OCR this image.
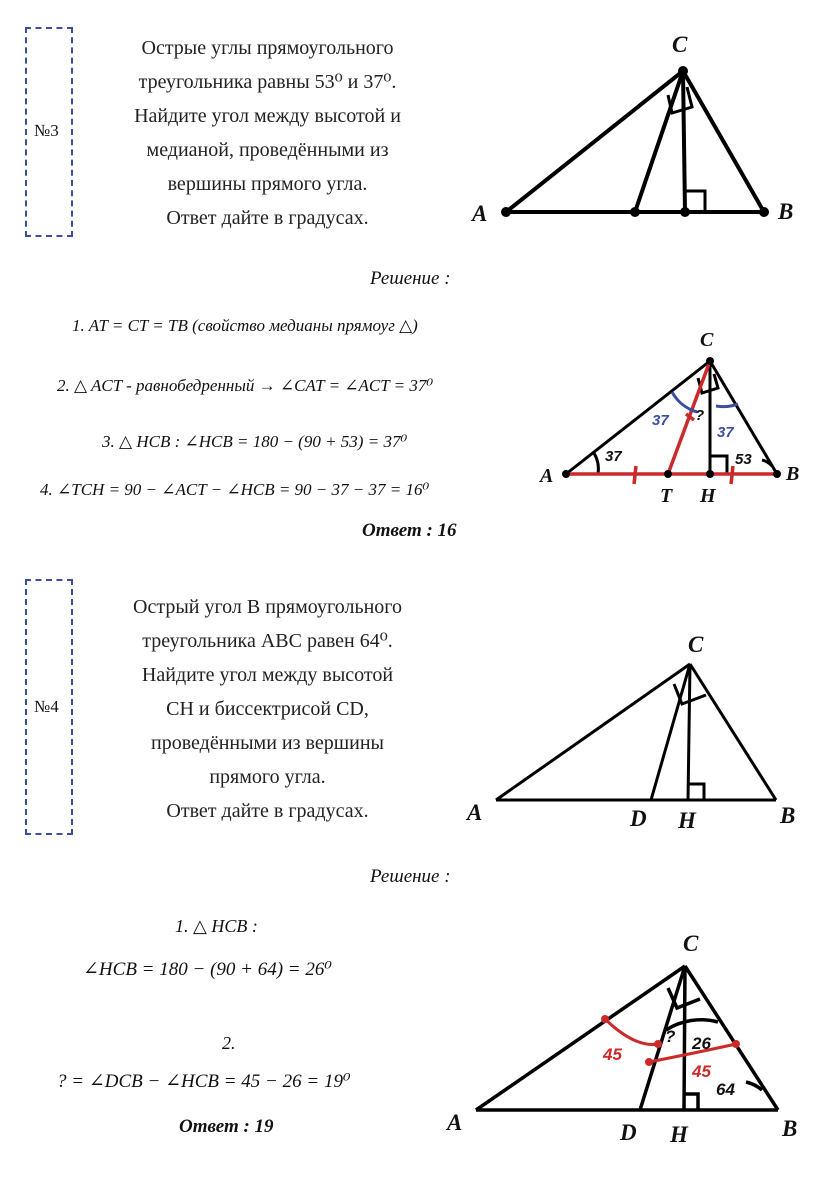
№3

Острые углы прямоугольного

треугольника равны 53⁰ и 37⁰.

Найдите угол между высотой и

медианой, проведёнными из

вершины прямого угла.

Ответ дайте в градусах.	A	B
C
Решение :
1. AT = CT = TB (свойство медианы прямоуг △)
2. △ ACT - равнобедренный → ∠CAT = ∠ACT = 37⁰
3. △ HCB : ∠HCB = 180 − (90 + 53) = 37⁰
4. ∠TCH = 90 − ∠ACT − ∠HCB = 90 − 37 − 37 = 16⁰
A	B
C
T H
37	53
37
37
?
Ответ : 16
№4

Острый угол B прямоугольного

треугольника ABC равен 64⁰.

Найдите угол между высотой

CH и биссектрисой CD,

проведёнными из вершины

прямого угла.

Ответ дайте в градусах.	A	B
C
D H
Решение :
1. △ HCB :
∠HCB = 180 − (90 + 64) = 26⁰
2.
? = ∠DCB − ∠HCB = 45 − 26 = 19⁰
A	B
C
D H
45
45
26
64
?
Ответ : 19
